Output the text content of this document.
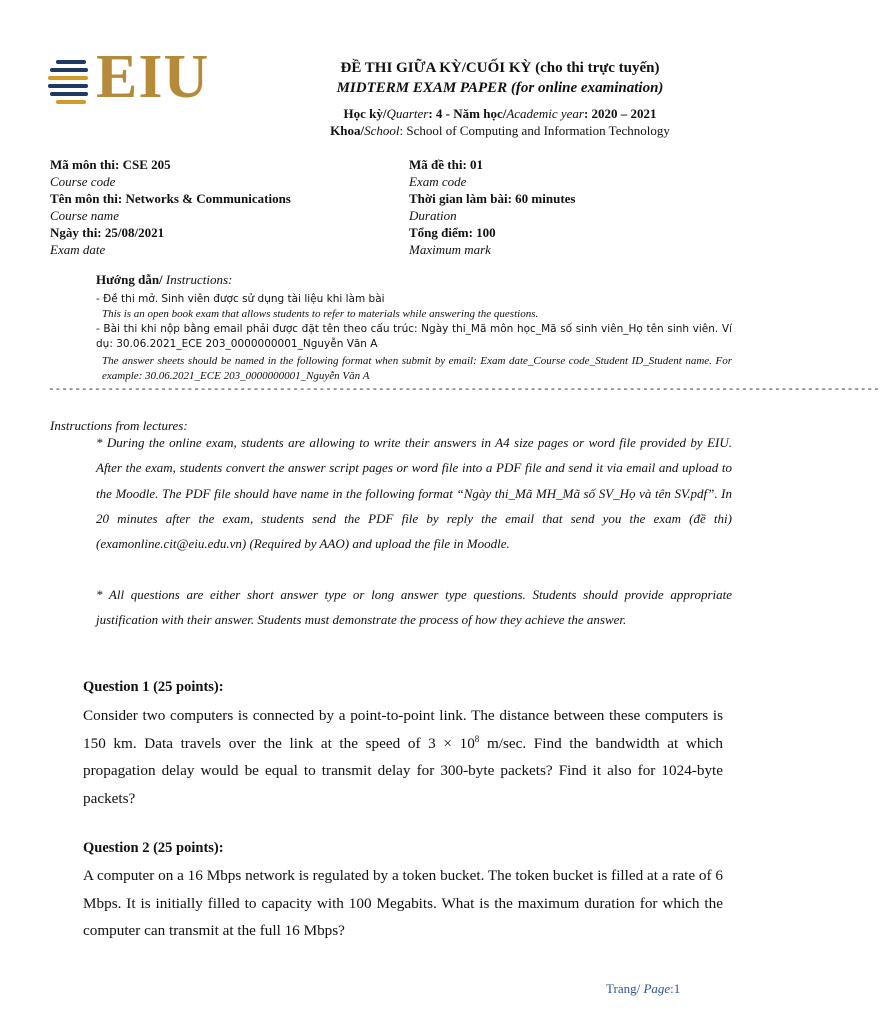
EIU	ĐỀ THI GIỮA KỲ/CUỐI KỲ (cho thi trực tuyến)
MIDTERM EXAM PAPER (for online examination)
Học kỳ/Quarter: 4 - Năm học/Academic year: 2020 – 2021
Khoa/School: School of Computing and Information Technology
Mã môn thi: CSE 205
Course code
Tên môn thi: Networks & Communications
Course name
Ngày thi: 25/08/2021
Exam date
Mã đề thi: 01
Exam code
Thời gian làm bài: 60 minutes
Duration
Tổng điểm: 100
Maximum mark
Hướng dẫn/ Instructions:
- Đề thi mở. Sinh viên được sử dụng tài liệu khi làm bài
This is an open book exam that allows students to refer to materials while answering the questions.
- Bài thi khi nộp bằng email phải được đặt tên theo cấu trúc: Ngày thi_Mã môn học_Mã số sinh viên_Họ tên sinh viên. Ví dụ: 30.06.2021_ECE 203_0000000001_Nguyễn Văn A
The answer sheets should be named in the following format when submit by email: Exam date_Course code_Student ID_Student name. For example: 30.06.2021_ECE 203_0000000001_Nguyễn Văn A
------------------------------------------------------------------------------------------------------------------------------
Instructions from lectures:
* During the online exam, students are allowing to write their answers in A4 size pages or word file provided by EIU. After the exam, students convert the answer script pages or word file into a PDF file and send it via email and upload to the Moodle. The PDF file should have name in the following format “Ngày thi_Mã MH_Mã số SV_Họ và tên SV.pdf”. In 20 minutes after the exam, students send the PDF file by reply the email that send you the exam (đề thi) (examonline.cit@eiu.edu.vn) (Required by AAO) and upload the file in Moodle.
* All questions are either short answer type or long answer type questions. Students should provide appropriate justification with their answer. Students must demonstrate the process of how they achieve the answer.
Question 1 (25 points):
Consider two computers is connected by a point-to-point link. The distance between these computers is 150 km. Data travels over the link at the speed of $3 \times 10^8$ m/sec. Find the bandwidth at which propagation delay would be equal to transmit delay for 300-byte packets? Find it also for 1024-byte packets?
Question 2 (25 points):
A computer on a 16 Mbps network is regulated by a token bucket. The token bucket is filled at a rate of 6 Mbps. It is initially filled to capacity with 100 Megabits. What is the maximum duration for which the computer can transmit at the full 16 Mbps?
Trang/ Page:1
